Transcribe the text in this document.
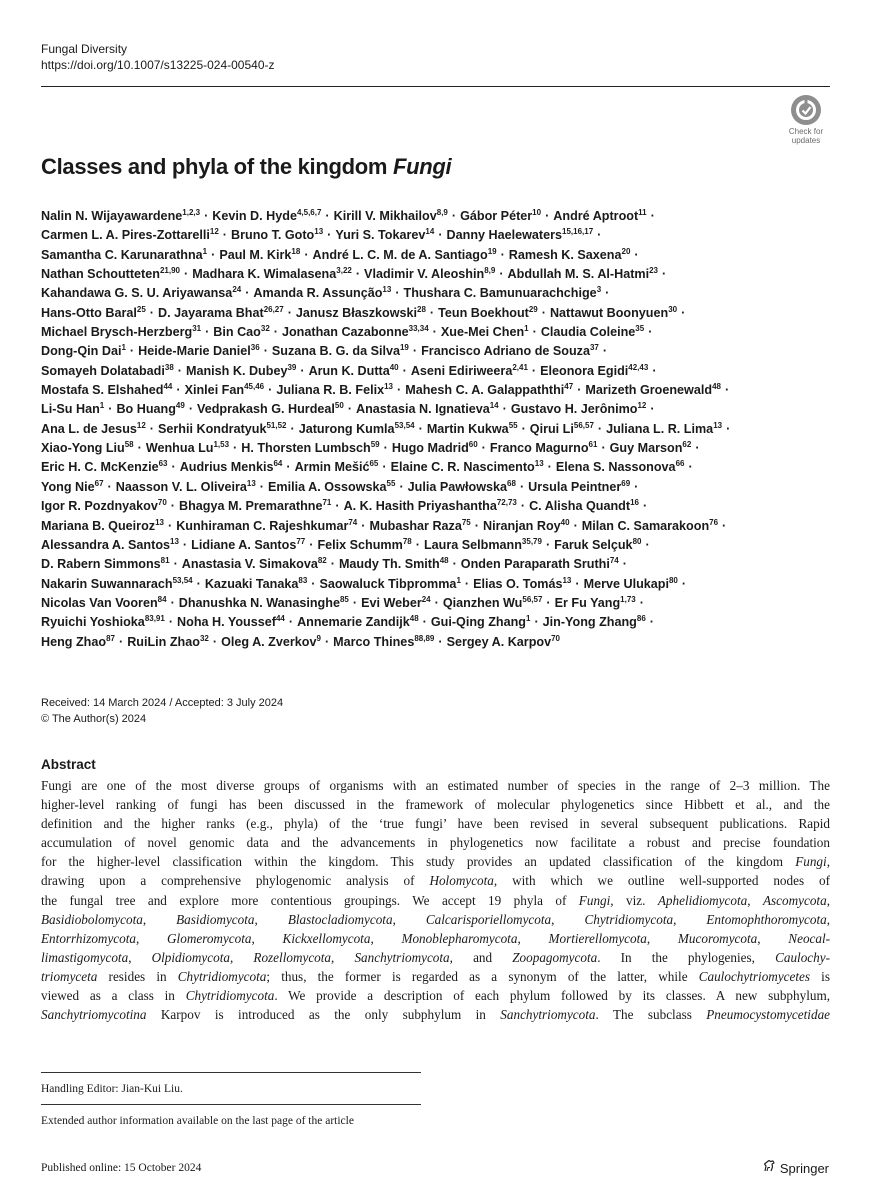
Fungal Diversity
https://doi.org/10.1007/s13225-024-00540-z
Check for
updates
Classes and phyla of the kingdom Fungi
Nalin N. Wijayawardene$^{1,2,3}$ · Kevin D. Hyde$^{4,5,6,7}$ · Kirill V. Mikhailov$^{8,9}$ · Gábor Péter$^{10}$ · André Aptroot$^{11}$ ·
Carmen L. A. Pires-Zottarelli$^{12}$ · Bruno T. Goto$^{13}$ · Yuri S. Tokarev$^{14}$ · Danny Haelewaters$^{15,16,17}$ ·
Samantha C. Karunarathna$^1$ · Paul M. Kirk$^{18}$ · André L. C. M. de A. Santiago$^{19}$ · Ramesh K. Saxena$^{20}$ ·
Nathan Schoutteten$^{21,90}$ · Madhara K. Wimalasena$^{3,22}$ · Vladimir V. Aleoshin$^{8,9}$ · Abdullah M. S. Al-Hatmi$^{23}$ ·
Kahandawa G. S. U. Ariyawansa$^{24}$ · Amanda R. Assunção$^{13}$ · Thushara C. Bamunuarachchige$^3$ ·
Hans-Otto Baral$^{25}$ · D. Jayarama Bhat$^{26,27}$ · Janusz Błaszkowski$^{28}$ · Teun Boekhout$^{29}$ · Nattawut Boonyuen$^{30}$ ·
Michael Brysch-Herzberg$^{31}$ · Bin Cao$^{32}$ · Jonathan Cazabonne$^{33,34}$ · Xue-Mei Chen$^1$ · Claudia Coleine$^{35}$ ·
Dong-Qin Dai$^1$ · Heide-Marie Daniel$^{36}$ · Suzana B. G. da Silva$^{19}$ · Francisco Adriano de Souza$^{37}$ ·
Somayeh Dolatabadi$^{38}$ · Manish K. Dubey$^{39}$ · Arun K. Dutta$^{40}$ · Aseni Ediriweera$^{2,41}$ · Eleonora Egidi$^{42,43}$ ·
Mostafa S. Elshahed$^{44}$ · Xinlei Fan$^{45,46}$ · Juliana R. B. Felix$^{13}$ · Mahesh C. A. Galappaththi$^{47}$ · Marizeth Groenewald$^{48}$ ·
Li-Su Han$^1$ · Bo Huang$^{49}$ · Vedprakash G. Hurdeal$^{50}$ · Anastasia N. Ignatieva$^{14}$ · Gustavo H. Jerônimo$^{12}$ ·
Ana L. de Jesus$^{12}$ · Serhii Kondratyuk$^{51,52}$ · Jaturong Kumla$^{53,54}$ · Martin Kukwa$^{55}$ · Qirui Li$^{56,57}$ · Juliana L. R. Lima$^{13}$ ·
Xiao-Yong Liu$^{58}$ · Wenhua Lu$^{1,53}$ · H. Thorsten Lumbsch$^{59}$ · Hugo Madrid$^{60}$ · Franco Magurno$^{61}$ · Guy Marson$^{62}$ ·
Eric H. C. McKenzie$^{63}$ · Audrius Menkis$^{64}$ · Armin Mešić$^{65}$ · Elaine C. R. Nascimento$^{13}$ · Elena S. Nassonova$^{66}$ ·
Yong Nie$^{67}$ · Naasson V. L. Oliveira$^{13}$ · Emilia A. Ossowska$^{55}$ · Julia Pawłowska$^{68}$ · Ursula Peintner$^{69}$ ·
Igor R. Pozdnyakov$^{70}$ · Bhagya M. Premarathne$^{71}$ · A. K. Hasith Priyashantha$^{72,73}$ · C. Alisha Quandt$^{16}$ ·
Mariana B. Queiroz$^{13}$ · Kunhiraman C. Rajeshkumar$^{74}$ · Mubashar Raza$^{75}$ · Niranjan Roy$^{40}$ · Milan C. Samarakoon$^{76}$ ·
Alessandra A. Santos$^{13}$ · Lidiane A. Santos$^{77}$ · Felix Schumm$^{78}$ · Laura Selbmann$^{35,79}$ · Faruk Selçuk$^{80}$ ·
D. Rabern Simmons$^{81}$ · Anastasia V. Simakova$^{82}$ · Maudy Th. Smith$^{48}$ · Onden Paraparath Sruthi$^{74}$ ·
Nakarin Suwannarach$^{53,54}$ · Kazuaki Tanaka$^{83}$ · Saowaluck Tibpromma$^1$ · Elias O. Tomás$^{13}$ · Merve Ulukapi$^{80}$ ·
Nicolas Van Vooren$^{84}$ · Dhanushka N. Wanasinghe$^{85}$ · Evi Weber$^{24}$ · Qianzhen Wu$^{56,57}$ · Er Fu Yang$^{1,73}$ ·
Ryuichi Yoshioka$^{83,91}$ · Noha H. Youssef$^{44}$ · Annemarie Zandijk$^{48}$ · Gui-Qing Zhang$^1$ · Jin-Yong Zhang$^{86}$ ·
Heng Zhao$^{87}$ · RuiLin Zhao$^{32}$ · Oleg A. Zverkov$^9$ · Marco Thines$^{88,89}$ · Sergey A. Karpov$^{70}$
Received: 14 March 2024 / Accepted: 3 July 2024
© The Author(s) 2024
Abstract
Fungi are one of the most diverse groups of organisms with an estimated number of species in the range of 2–3 million. The
higher-level ranking of fungi has been discussed in the framework of molecular phylogenetics since Hibbett et al., and the
definition and the higher ranks (e.g., phyla) of the ‘true fungi’ have been revised in several subsequent publications. Rapid
accumulation of novel genomic data and the advancements in phylogenetics now facilitate a robust and precise foundation
for the higher-level classification within the kingdom. This study provides an updated classification of the kingdom Fungi,
drawing upon a comprehensive phylogenomic analysis of Holomycota, with which we outline well-supported nodes of
the fungal tree and explore more contentious groupings. We accept 19 phyla of Fungi, viz. Aphelidiomycota, Ascomycota,
Basidiobolomycota, Basidiomycota, Blastocladiomycota, Calcarisporiellomycota, Chytridiomycota, Entomophthoromycota,
Entorrhizomycota, Glomeromycota, Kickxellomycota, Monoblepharomycota, Mortierellomycota, Mucoromycota, Neocal-
limastigomycota, Olpidiomycota, Rozellomycota, Sanchytriomycota, and Zoopagomycota. In the phylogenies, Caulochy-
triomyceta resides in Chytridiomycota; thus, the former is regarded as a synonym of the latter, while Caulochytriomycetes is
viewed as a class in Chytridiomycota. We provide a description of each phylum followed by its classes. A new subphylum,
Sanchytriomycotina Karpov is introduced as the only subphylum in Sanchytriomycota. The subclass Pneumocystomycetidae
Handling Editor: Jian-Kui Liu.
Extended author information available on the last page of the article
Published online: 15 October 2024	Springer
